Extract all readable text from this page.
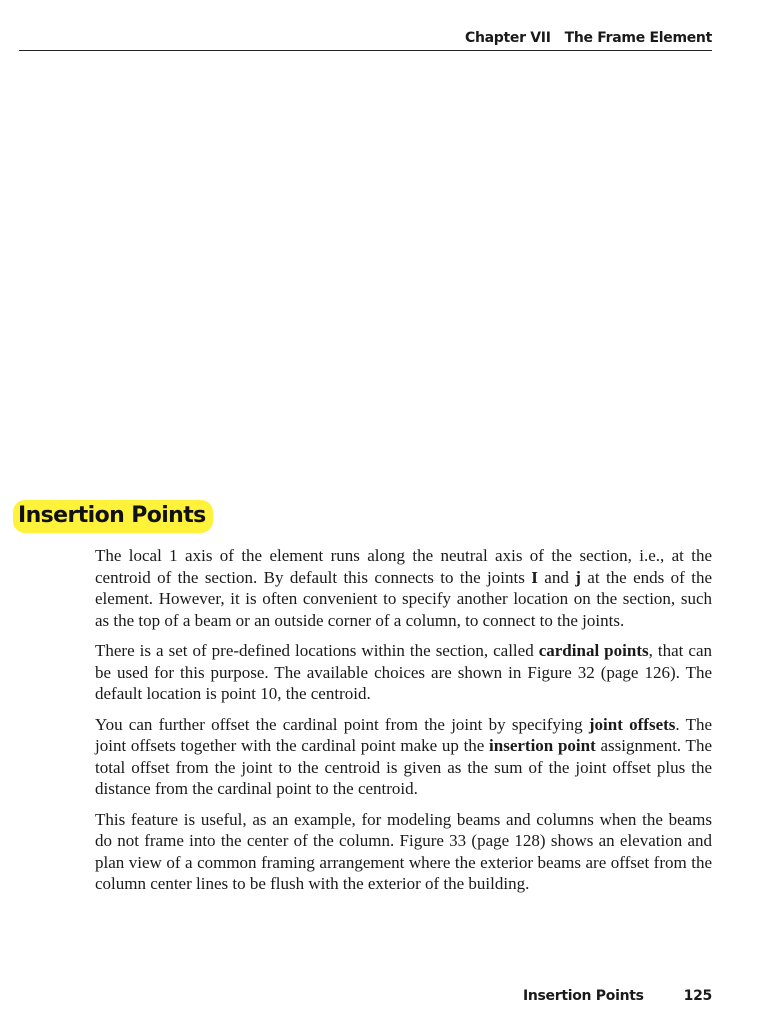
Chapter VII The Frame Element
Insertion Points

The local 1 axis of the element runs along the neutral axis of the section, i.e., at the centroid of the section. By default this connects to the joints I and j at the ends of the element. However, it is often convenient to specify another location on the section, such as the top of a beam or an outside corner of a column, to connect to the joints.

There is a set of pre-defined locations within the section, called cardinal points, that can be used for this purpose. The available choices are shown in Figure 32 (page 126). The default location is point 10, the centroid.

You can further offset the cardinal point from the joint by specifying joint offsets. The joint offsets together with the cardinal point make up the insertion point assignment. The total offset from the joint to the centroid is given as the sum of the joint offset plus the distance from the cardinal point to the centroid.

This feature is useful, as an example, for modeling beams and columns when the beams do not frame into the center of the column. Figure 33 (page 128) shows an elevation and plan view of a common framing arrangement where the exterior beams are offset from the column center lines to be flush with the exterior of the building.

Insertion Points	125
